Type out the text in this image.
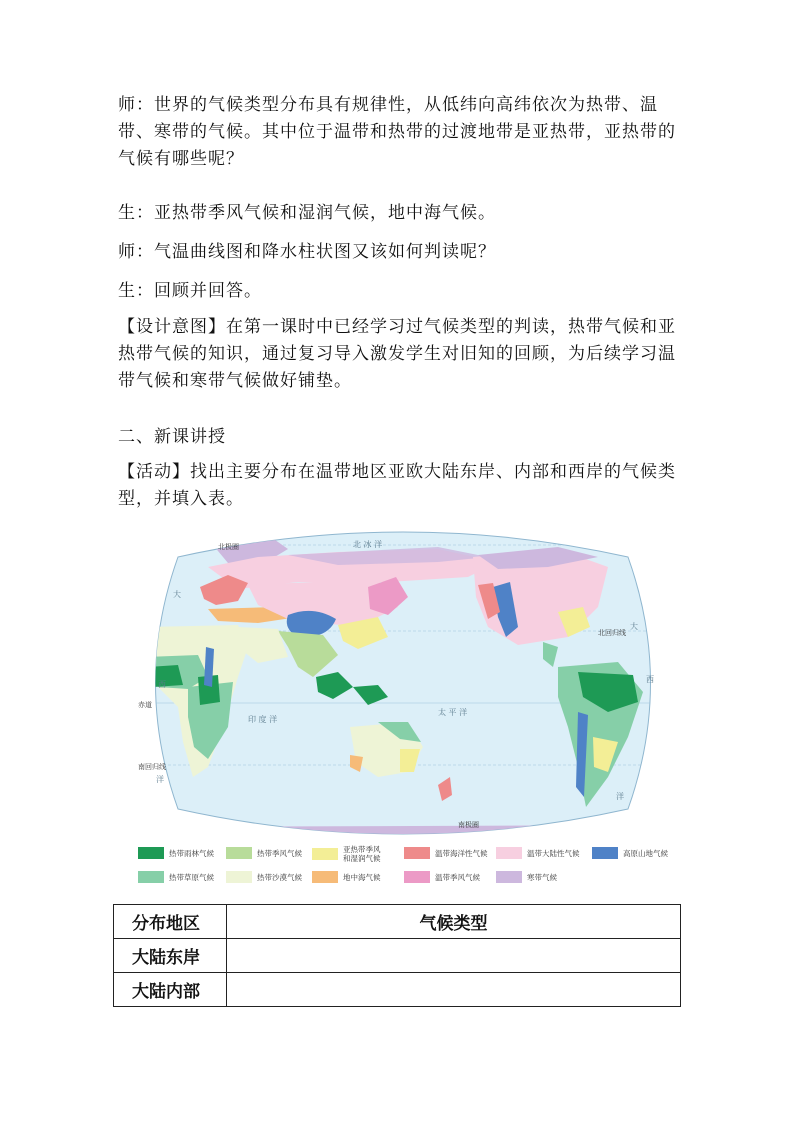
师：世界的气候类型分布具有规律性，从低纬向高纬依次为热带、温带、寒带的气候。其中位于温带和热带的过渡地带是亚热带，亚热带的气候有哪些呢？

生：亚热带季风气候和湿润气候，地中海气候。
师：气温曲线图和降水柱状图又该如何判读呢？
生：回顾并回答。

【设计意图】在第一课时中已经学习过气候类型的判读，热带气候和亚热带气候的知识，通过复习导入激发学生对旧知的回顾，为后续学习温带气候和寒带气候做好铺垫。

二、新课讲授

【活动】找出主要分布在温带地区亚欧大陆东岸、内部和西岸的气候类型，并填入表。

北极圈	北 冰 洋
北回归线
赤道
南回归线
南极圈
大
西
洋
大
西
洋
印 度 洋
太 平 洋
热带雨林气候	热带季风气候	亚热带季风
和湿润气候
温带海洋性气候	温带大陆性气候	高原山地气候
热带草原气候	热带沙漠气候	地中海气候	温带季风气候	寒带气候
分布地区	气候类型
大陆东岸	
大陆内部	
